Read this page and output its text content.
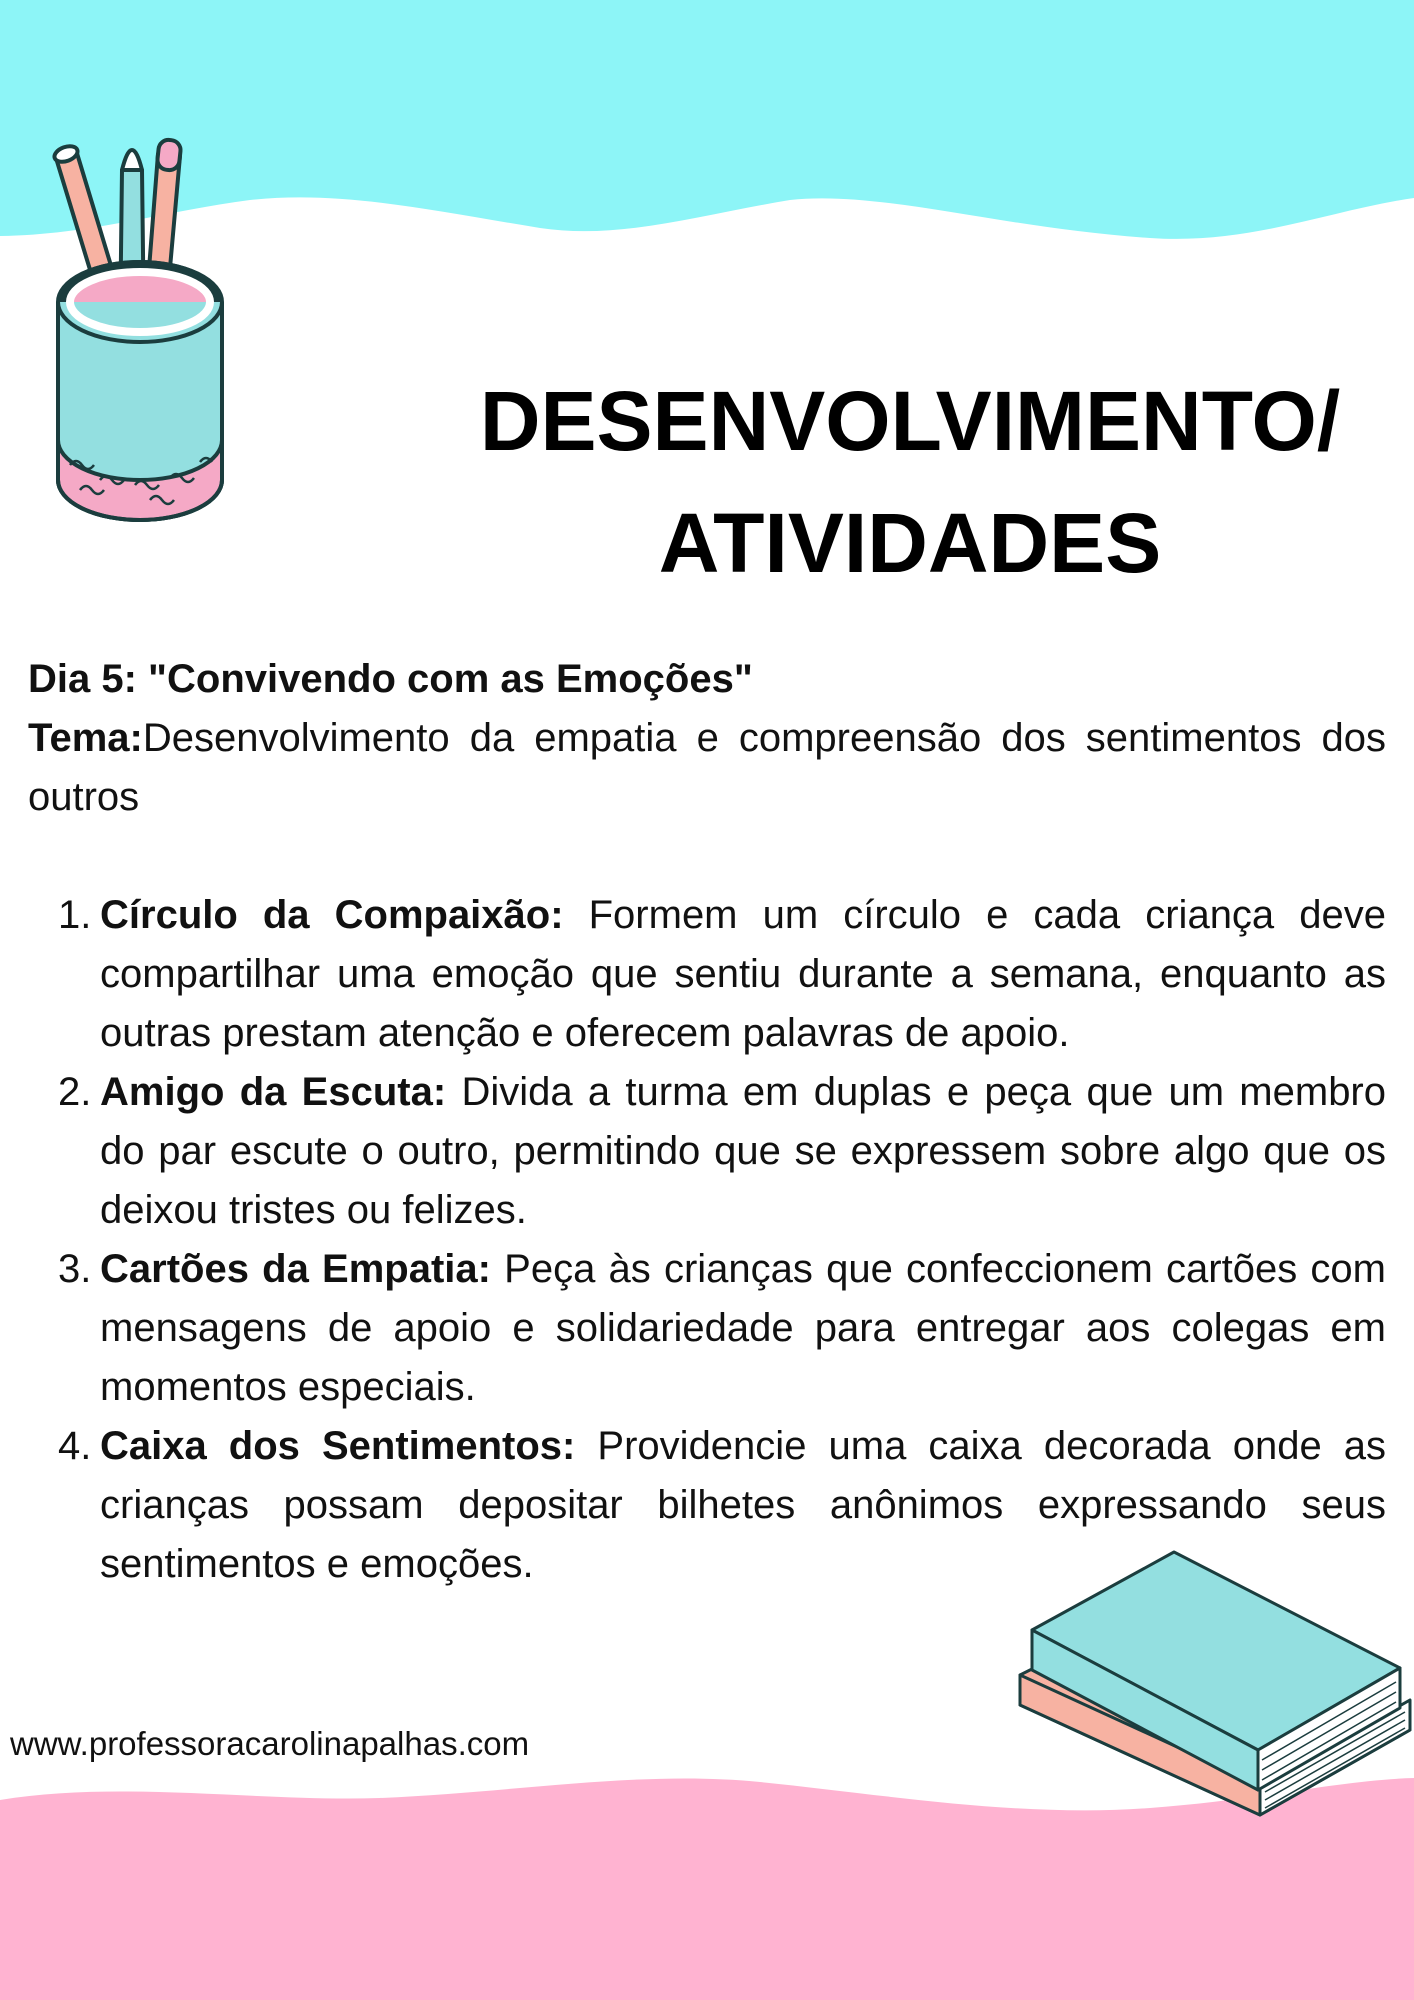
DESENVOLVIMENTO/
ATIVIDADES

Dia 5: "Convivendo com as Emoções"

Tema:Desenvolvimento da empatia e compreensão dos sentimentos dos outros

1. Círculo da Compaixão: Formem um círculo e cada criança deve compartilhar uma emoção que sentiu durante a semana, enquanto as outras prestam atenção e oferecem palavras de apoio.
2. Amigo da Escuta: Divida a turma em duplas e peça que um membro do par escute o outro, permitindo que se expressem sobre algo que os deixou tristes ou felizes.
3. Cartões da Empatia: Peça às crianças que confeccionem cartões com mensagens de apoio e solidariedade para entregar aos colegas em momentos especiais.
4. Caixa dos Sentimentos: Providencie uma caixa decorada onde as crianças possam depositar bilhetes anônimos expressando seus sentimentos e emoções.

www.professoracarolinapalhas.com
